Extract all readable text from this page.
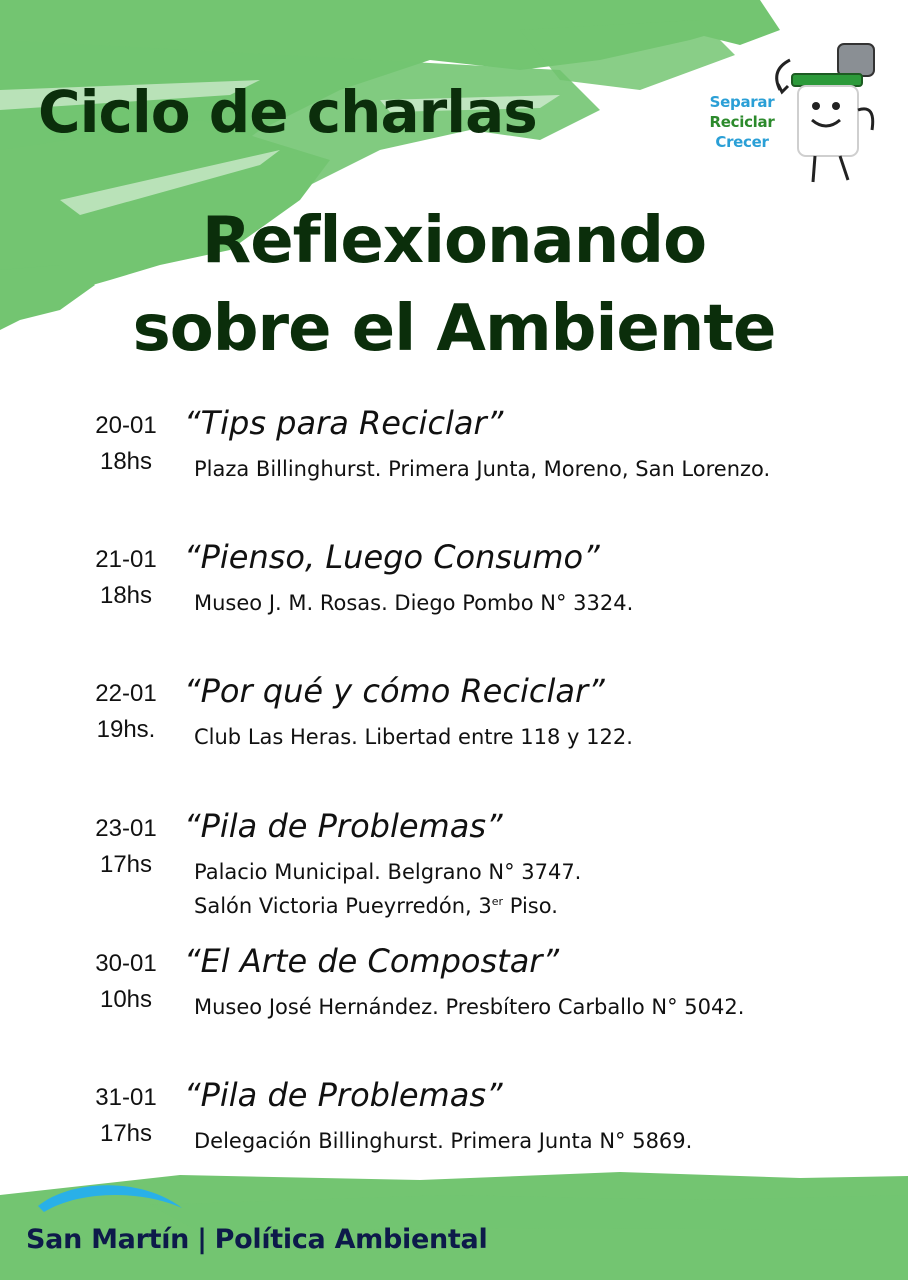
Ciclo de charlas
Reflexionando
sobre el Ambiente
Separar
Reciclar
Crecer
20-01
18hs
“Tips para Reciclar”
Plaza Billinghurst. Primera Junta, Moreno, San Lorenzo.
21-01
18hs
“Pienso, Luego Consumo”
Museo J. M. Rosas. Diego Pombo N° 3324.
22-01
19hs.
“Por qué y cómo Reciclar”
Club Las Heras. Libertad entre 118 y 122.
23-01
17hs
“Pila de Problemas”
Palacio Municipal. Belgrano N° 3747.
Salón Victoria Pueyrredón, 3er Piso.
30-01
10hs
“El Arte de Compostar”
Museo José Hernández. Presbítero Carballo N° 5042.
31-01
17hs
“Pila de Problemas”
Delegación Billinghurst. Primera Junta N° 5869.
San Martín | Política Ambiental
